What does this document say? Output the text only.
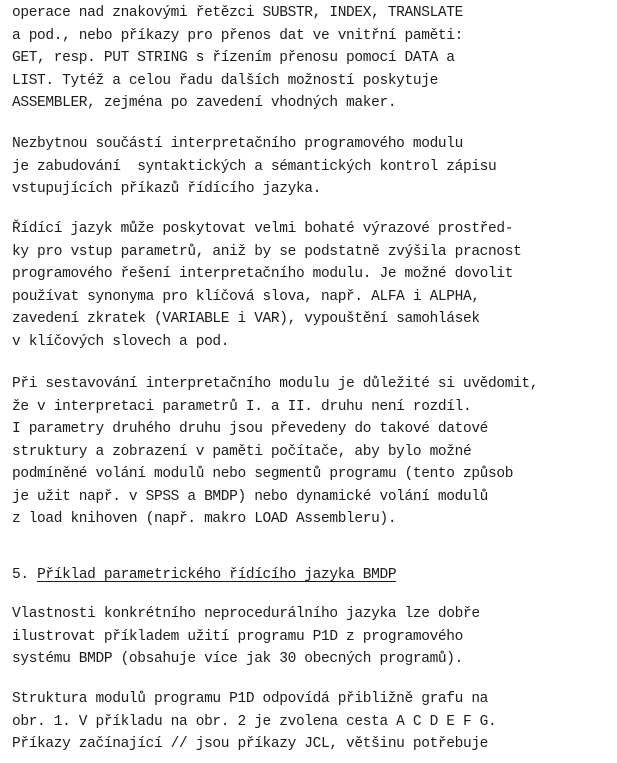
operace nad znakovými řetězci SUBSTR, INDEX, TRANSLATE
a pod., nebo příkazy pro přenos dat ve vnitřní paměti:
GET, resp. PUT STRING s řízením přenosu pomocí DATA a
LIST. Tytéž a celou řadu dalších možností poskytuje
ASSEMBLER, zejména po zavedení vhodných maker.
Nezbytnou součástí interpretačního programového modulu
je zabudování  syntaktických a sémantických kontrol zápisu
vstupujících příkazů řídícího jazyka.
Řídící jazyk může poskytovat velmi bohaté výrazové prostřed-
ky pro vstup parametrů, aniž by se podstatně zvýšila pracnost
programového řešení interpretačního modulu. Je možné dovolit
používat synonyma pro klíčová slova, např. ALFA i ALPHA,
zavedení zkratek (VARIABLE i VAR), vypouštění samohlásek
v klíčových slovech a pod.
Při sestavování interpretačního modulu je důležité si uvědomit,
že v interpretaci parametrů I. a II. druhu není rozdíl.
I parametry druhého druhu jsou převedeny do takové datové
struktury a zobrazení v paměti počítače, aby bylo možné
podmíněné volání modulů nebo segmentů programu (tento způsob
je užit např. v SPSS a BMDP) nebo dynamické volání modulů
z load knihoven (např. makro LOAD Assembleru).
5. Příklad parametrického řídícího jazyka BMDP
Vlastnosti konkrétního neprocedurálního jazyka lze dobře
ilustrovat příkladem užití programu P1D z programového
systému BMDP (obsahuje více jak 30 obecných programů).
Struktura modulů programu P1D odpovídá přibližně grafu na
obr. 1. V příkladu na obr. 2 je zvolena cesta A C D E F G.
Příkazy začínající // jsou příkazy JCL, většinu potřebuje
